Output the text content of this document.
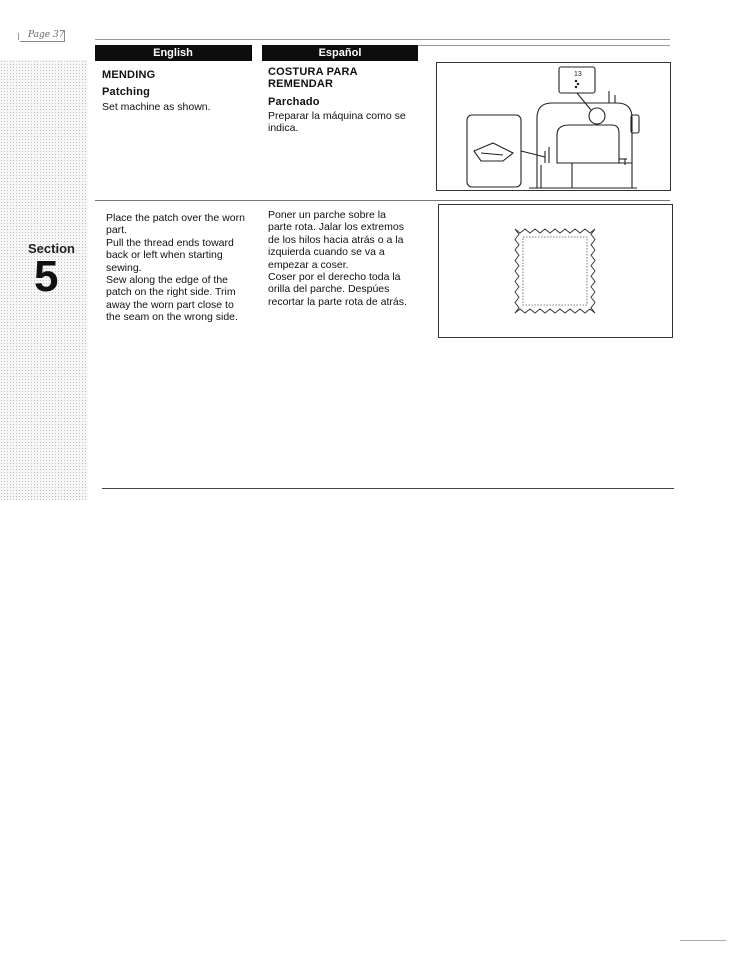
Page 37
Section
5
English	Español
MENDING
Patching
Set machine as shown.
COSTURA PARA
REMENDAR
Parchado
Preparar la máquina como se
indica.
13
Place the patch over the worn
part.
Pull the thread ends toward
back or left when starting
sewing.
Sew along the edge of the
patch on the right side. Trim
away the worn part close to
the seam on the wrong side.
Poner un parche sobre la
parte rota. Jalar los extremos
de los hilos hacia atrás o a la
izquierda cuando se va a
empezar a coser.
Coser por el derecho toda la
orilla del parche. Despúes
recortar la parte rota de atrás.
